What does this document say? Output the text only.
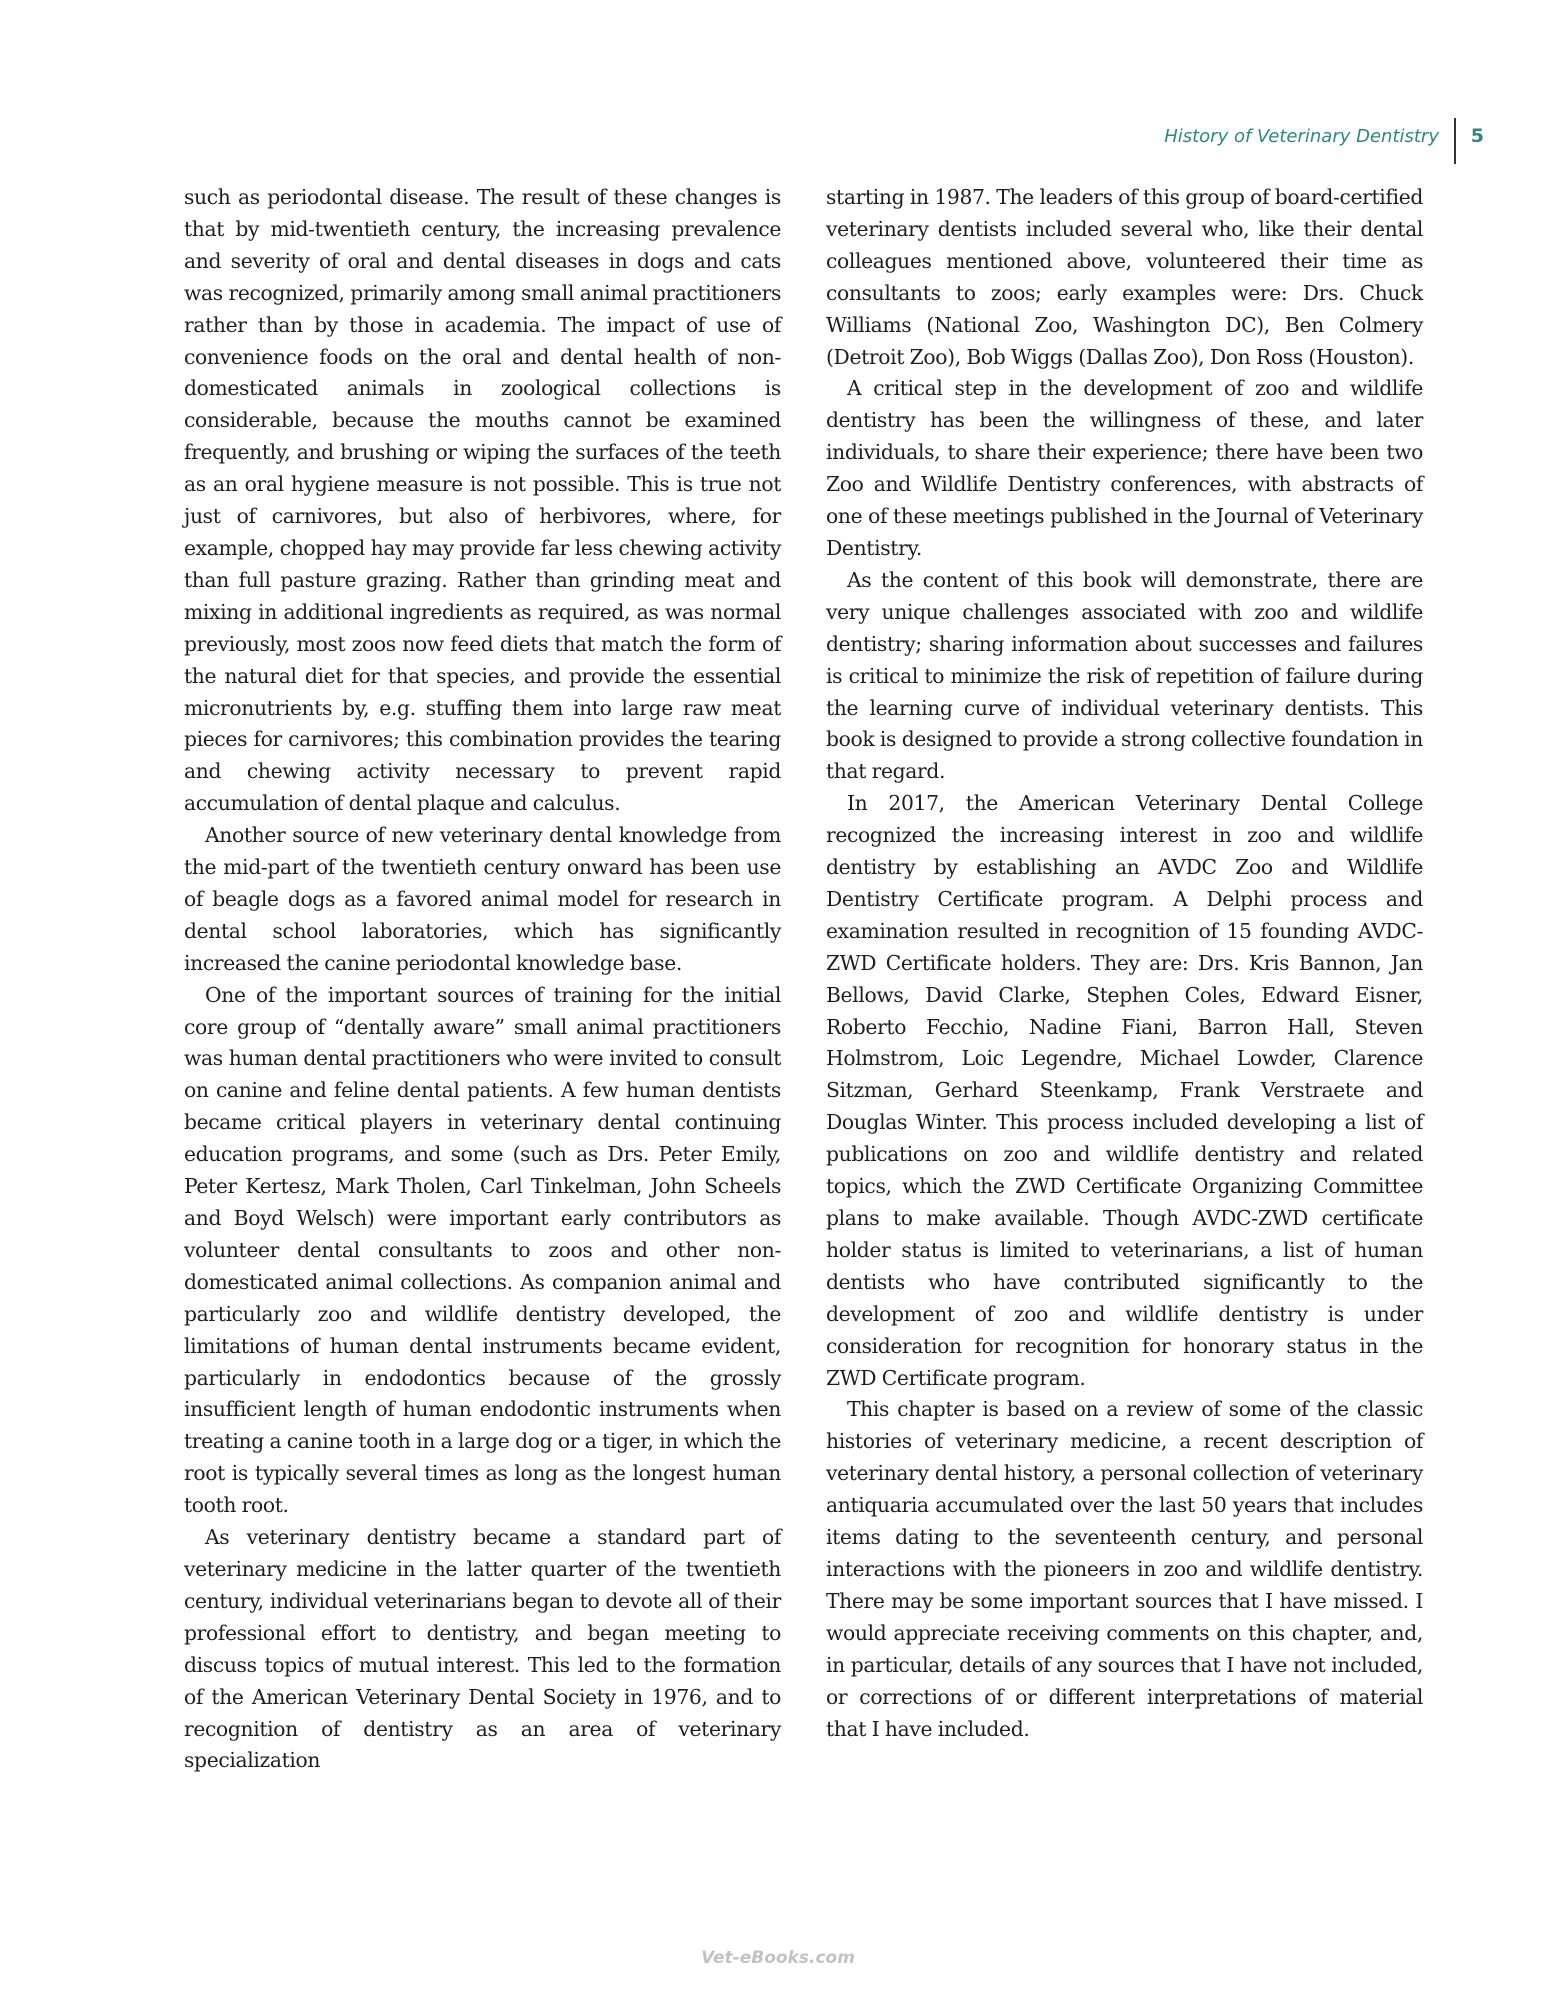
History of Veterinary Dentistry 5

such as periodontal disease. The result of these changes is that by mid-twentieth century, the increasing prevalence and severity of oral and dental diseases in dogs and cats was recognized, primarily among small animal practitioners rather than by those in academia. The impact of use of convenience foods on the oral and dental health of non-domesticated animals in zoological collections is considerable, because the mouths cannot be examined frequently, and brushing or wiping the surfaces of the teeth as an oral hygiene measure is not possible. This is true not just of carnivores, but also of herbivores, where, for example, chopped hay may provide far less chewing activity than full pasture grazing. Rather than grinding meat and mixing in additional ingredients as required, as was normal previously, most zoos now feed diets that match the form of the natural diet for that species, and provide the essential micronutrients by, e.g. stuffing them into large raw meat pieces for carnivores; this combination provides the tearing and chewing activity necessary to prevent rapid accumulation of dental plaque and calculus.

Another source of new veterinary dental knowledge from the mid-part of the twentieth century onward has been use of beagle dogs as a favored animal model for research in dental school laboratories, which has significantly increased the canine periodontal knowledge base.

One of the important sources of training for the initial core group of “dentally aware” small animal practitioners was human dental practitioners who were invited to consult on canine and feline dental patients. A few human dentists became critical players in veterinary dental continuing education programs, and some (such as Drs. Peter Emily, Peter Kertesz, Mark Tholen, Carl Tinkelman, John Scheels and Boyd Welsch) were important early contributors as volunteer dental consultants to zoos and other non-domesticated animal collections. As companion animal and particularly zoo and wildlife dentistry developed, the limitations of human dental instruments became evident, particularly in endodontics because of the grossly insufficient length of human endodontic instruments when treating a canine tooth in a large dog or a tiger, in which the root is typically several times as long as the longest human tooth root.

As veterinary dentistry became a standard part of veterinary medicine in the latter quarter of the twentieth century, individual veterinarians began to devote all of their professional effort to dentistry, and began meeting to discuss topics of mutual interest. This led to the formation of the American Veterinary Dental Society in 1976, and to recognition of dentistry as an area of veterinary specialization

starting in 1987. The leaders of this group of board-certified veterinary dentists included several who, like their dental colleagues mentioned above, volunteered their time as consultants to zoos; early examples were: Drs. Chuck Williams (National Zoo, Washington DC), Ben Colmery (Detroit Zoo), Bob Wiggs (Dallas Zoo), Don Ross (Houston).

A critical step in the development of zoo and wildlife dentistry has been the willingness of these, and later individuals, to share their experience; there have been two Zoo and Wildlife Dentistry conferences, with abstracts of one of these meetings published in the Journal of Veterinary Dentistry.

As the content of this book will demonstrate, there are very unique challenges associated with zoo and wildlife dentistry; sharing information about successes and failures is critical to minimize the risk of repetition of failure during the learning curve of individual veterinary dentists. This book is designed to provide a strong collective foundation in that regard.

In 2017, the American Veterinary Dental College recognized the increasing interest in zoo and wildlife dentistry by establishing an AVDC Zoo and Wildlife Dentistry Certificate program. A Delphi process and examination resulted in recognition of 15 founding AVDC-ZWD Certificate holders. They are: Drs. Kris Bannon, Jan Bellows, David Clarke, Stephen Coles, Edward Eisner, Roberto Fecchio, Nadine Fiani, Barron Hall, Steven Holmstrom, Loic Legendre, Michael Lowder, Clarence Sitzman, Gerhard Steenkamp, Frank Verstraete and Douglas Winter. This process included developing a list of publications on zoo and wildlife dentistry and related topics, which the ZWD Certificate Organizing Committee plans to make available. Though AVDC-ZWD certificate holder status is limited to veterinarians, a list of human dentists who have contributed significantly to the development of zoo and wildlife dentistry is under consideration for recognition for honorary status in the ZWD Certificate program.

This chapter is based on a review of some of the classic histories of veterinary medicine, a recent description of veterinary dental history, a personal collection of veterinary antiquaria accumulated over the last 50 years that includes items dating to the seventeenth century, and personal interactions with the pioneers in zoo and wildlife dentistry. There may be some important sources that I have missed. I would appreciate receiving comments on this chapter, and, in particular, details of any sources that I have not included, or corrections of or different interpretations of material that I have included.

Vet-eBooks.com
